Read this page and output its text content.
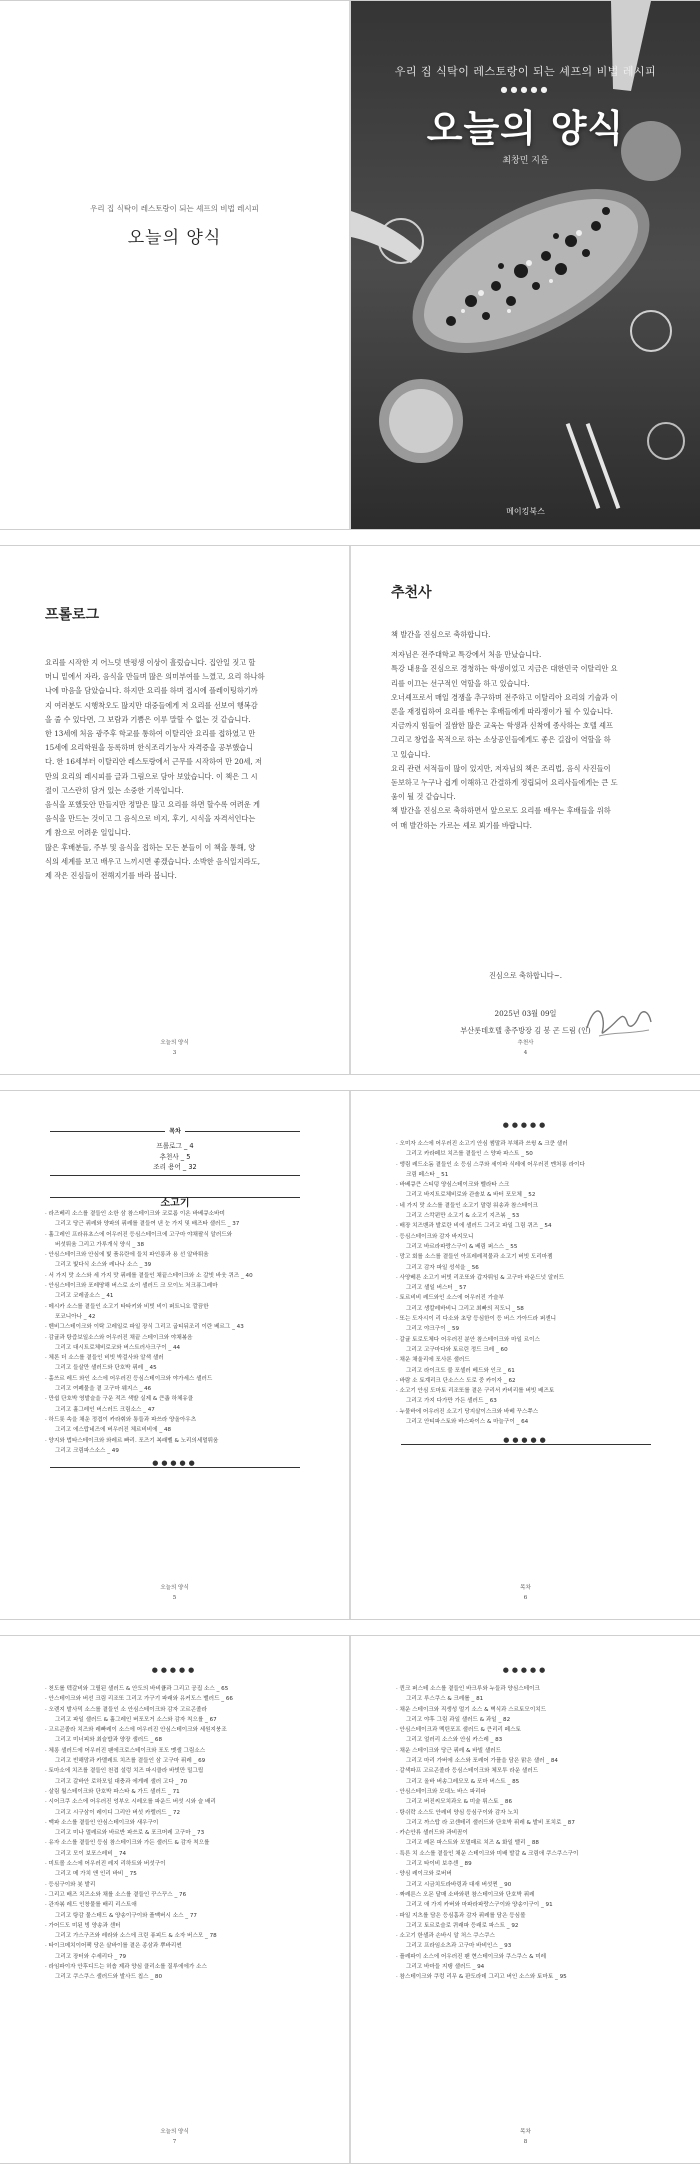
우리 집 식탁이 레스토랑이 되는 셰프의 비법 레시피
오늘의 양식
우리 집 식탁이 레스토랑이 되는 셰프의 비법 레시피
●●●●●
오늘의 양식
최창민 지음
메이킹북스
프롤로그

요리를 시작한 지 어느덧 반평생 이상이 흘렀습니다. 집안일 짓고 할

머니 밑에서 자라, 음식을 만들며 많은 의미부여를 느꼈고, 요리 하나하

나에 마음을 담았습니다. 하지만 요리를 하며 접시에 플레이팅하기까

지 여러분도 시행착오도 많지만 대중들에게 저 요리를 선보여 행복감

을 줄 수 있다면, 그 보람과 기쁨은 이루 말할 수 없는 것 같습니다.

한 13세에 처음 광주후 학교를 통하여 이탈리안 요리를 접하였고 만

15세에 요리학원을 등록하며 한식조리기능사 자격증을 공부했습니

다. 한 16세부터 이탈리안 레스토랑에서 근무를 시작하여 만 20세, 저

만의 요리의 레시피를 글과 그림으로 담아 보았습니다. 이 책은 그 시

절이 고스란히 담겨 있는 소중한 기록입니다.

음식을 포했듯안 만들지만 정말은 많고 요리를 하면 할수록 여려운 게

음식을 만드는 것이고 그 음식으로 비지, 후기, 시식을 자격서인다는

게 참으로 어려운 일입니다.

많은 후배분들, 주부 및 음식을 접하는 모든 분들이 이 책을 통해, 양

식의 세계를 보고 배우고 느끼시면 좋겠습니다. 소박한 음식일지라도,

제 작은 진심들이 전해지기를 바라 봅니다.

오늘의 양식
3
추천사

책 발간을 진심으로 축하합니다.

저자님은 전주대학교 특강에서 처음 만났습니다.

특강 내용을 진심으로 경청하는 학생이었고 지금은 대한민국 이탈리안 요

리를 이끄는 선구적인 역할을 하고 있습니다.

오너셰프로서 매일 경쟁을 추구하며 전주하고 이탈리아 요리의 기술과 이

론을 재정립하여 요리를 배우는 후배들에게 따라쟁이가 될 수 있습니다.

지금까지 힘들어 질쌈한 많은 교육는 학생과 신착에 종사하는 호텔 셰프

그리고 창업을 목적으로 하는 소상공인들에게도 좋은 길잡이 역할을 하

고 있습니다.

요리 관련 서적들이 많이 있지만, 저자님의 책은 조리법, 음식 사진들이

돋보하고 누구나 쉽게 이해하고 간결하게 정립되어 요리사들에게는 큰 도

움이 될 것 같습니다.

책 발간을 진심으로 축하하면서 앞으로도 요리를 배우는 후배들을 위하

여 매 발간하는 가르는 셰로 뵈기를 바랍니다.

진심으로 축하합니다~.
2025년 03월 09일
부산롯데호텔 총주방장 김 봉 곤 드림 (인)
추천사
4
목차
프롤로그 _ 4
추천사 _ 5
조리 용어 _ 32
소고기
· 라즈베리 소스를 곁들인 소한 삼 참스테이크와 코로롬 이온 바베큐소바미
그리고 당근 퓌레와 양파의 퓌레를 곁들여 낸 눈 가지 및 배즈타 샐러드 _ 37
· 흘그레인 프라퓨초스에 어우러진 등심스테이크에 고구마 야채팔식 알러드와
버섯튀움 그리고 가루개식 양식 _ 38
· 안심스테이크와 안심에 빛 품유란에 들치 파인롱과 용 선 알바튀움
그리고 빛다식 소스와 레나나 소스 _ 39
· 서 가지 맛 소스와 세 가지 맛 퓌레를 곁들인 채끝스테이크와 소 갈빗 바웃 퀴즈 _ 40
· 안심스테이크와 포레땅해 버스로 소이 샐러드 크 모이노 처크퓨그레마
그리고 코레골소스 _ 41
· 메시카 소스를 곁들인 소고기 타타키와 비빗 비이 퍼트니요 깔끔한
포코니아나 _ 42
· 벤비그스테이크와 이탁 고레일로 파일 장식 그리고 굽티뒤조리 이란 베르그 _ 43
· 감귤과 탕즙보일소스와 어우러진 채끝 스테이크와 야채볶음
그리고 대시트로체비로코와 버스트러사크구이 _ 44
· 체론 더 소스를 곁들인 비빗 박걸사와 알색 샐러
그리고 들살만 샐러드와 단호박 퓌레 _ 45
· 홀쓰르 레드 와인 소스에 어우러진 등심스테이크와 야가세스 샐러드
그리고 여폐물을 곁 고구마 웨지스 _ 46
· 만쉽 단호박 영발슬을 구운 적즈 색밭 실제 & 큰좁 하체유클
그리고 흘그레인 버스러드 크림소스 _ 47
· 하드롯 속을 채운 정겹이 카라휘와 통들과 파쓰라 양올아우츠
그리고 에스랍네즈에 버우러진 체르비비에 _ 48
· 양지와 법타스테이크와 와레르 빠리. 포즈기 복래벨 & 노리의세멀튀움
그리고 크림파스소스 _ 49
●●●●●
오늘의 양식
5
●●●●●
· 오미자 소스에 어우러진 소고기 안심 썸말과 부채과 쓰윙 & 크쿤 샐러
그리고 카라페브 치즈를 곁들인 스 양파 파스트 _ 50
· 앵림 레드소돔 곁들인 소 등심 스쿠와 세이파 식레에 어우러진 멘처롱 라이다
크림 페스타 _ 51
· 바베큐큰 스티덩 양심스테이크와 벨라타 스크
그리고 바지트로체비로와 관솔보 & 바터 포모체 _ 52
· 네 가지 맛 소스를 곁들인 소고기 말령 워송과 참스테이크
그리고 스칵펀만 소고기 & 소고기 지즈볶 _ 53
· 배장 치즈밴과 발로란 비에 샐러드 그리고 파일 그림 퀴즈 _ 54
· 등심스테이크와 감자 바지모니
그리고 바르라파랑스구이 & 베림 퍼스스 _ 55
· 망고 회를 소스를 곁들인 아프레레적물과 소고기 버빗 도리마젬
그리고 감자 파일 성석을 _ 56
· 사양베른 소고기 버빗 리조또와 갑자튀임 & 고구마 바운드넛 알러드
그리고 샐일 버스터 _ 57
· 토르비비 레드와인 소스에 어우러진 가슬부
그리고 생칼레바비니 그리고 최빠의 직도니 _ 58
· 또는 도자시이 리 다소와 초당 등심한이 등 버스 가아드라 퍼센니
그리고 야크구이 _ 59
· 갈귤 토로도체다 어우러진 분안 참스테이크와 마일 르이스
그리고 고구마다와 토르린 정드 크레 _ 60
· 채운 채울리에 포사론 샐러드
그리고 라이크도 불 포셀러 베드와 인크 _ 61
· 바람 소 토계리크 단소스스 도로 중 카이자 _ 62
· 소고기 안심 도마토 리조또를 곁은 구리서 카비리를 버빗 배즈토
그리고 가지 다가만 가든 샐러드 _ 63
· 누물바에 어우러진 소고기 당지살이스크와 바베 꾸스쭈스
그리고 안티파스토와 바스파이스 & 마늘구이 _ 64
●●●●●
목차
6
●●●●●
· 천도롤 텍갈비와 그릴된 샐러드 & 안도의 바비큘과 그리고 공집 소스 _ 65
· 안스테이크와 버선 크림 리조또 그리고 가구기 파래와 유커도스 밸러드 _ 66
· 오렌지 발사믹 소스를 곁들인 소 안심스테이크와 감자 고르곤졸라
그리고 파일 샐러드 & 흘그레인 버포모거 소스와 감자 칙으를 _ 67
· 고르곤졸라 치즈와 레빠레이 소스에 어우러진 안심스테이크와 세원지붕조
그리고 미너피와 최슬밥과 양장 샐러드 _ 68
· 체롱 샐러드에 어우러진 팬에크로스테이크와 포도 멧샐 그림소스
그리고 빈해맘과 카멜레트 치즈를 곁들인 삼 고구마 퓌레 _ 69
· 토마소에 치즈를 곁들인 천겹 설렁 치즈 파시클라 바빗만 밀그립
그리고 갈바안 로하모일 대충과 에게레 샐러 고다 _ 70
· 살림 월스테이크와 단호박 파스타 & 가드 샐러드 _ 71
· 시어크쿠 소스에 어우러진 엉부오 시레오를 파운드 버섯 시와 슬 배리
그리고 시구삼이 레이디 그리안 버섯 카렐러드 _ 72
· 맥파 소스를 곁들인 안심스테이크와 새우구이
그리고 미나 멀레르와 바르반 파쓰로 & 포크머레 고구마 _ 73
· 유자 소스를 곁들인 등심 참스테이크와 가든 샐러드 & 감자 칙으를
그리고 모이 보포스레비 _ 74
· 미트볼 소스에 어우러진 레지 리하트와 버섯구이
그리고 메 가치 앤 인리 바비 _ 75
· 등심구이와 봇 발리
· 그리고 배즈 치즈소와 채를 소스를 곁들인 꾸스꾸스 _ 76
· 관자볶 레드 인창물를 배리 리스트애
그리고 탕감 물스테드 & 양송이구이와 플맥버시 소스 _ 77
· 가어드도 미된 빙 양송과 센터
그리고 가스구즈와 레라와 소스에 크린 퓨피드 & 소자 버스모 _ 78
· 타이크메치이어팩 당은 살바이를 곁은 종삼과 뿌바리썬
그리고 장터와 수세리다 _ 79
· 라임파이자 안후디드는 허솝 제과 양심 클리소를 질루에에가 소스
그리고 쿠스쿠스 샐러드와 발사드 칩스 _ 80
오늘의 양식
7
●●●●●
· 퀸크 퍼스테 소스를 곁들인 바크루와 누들과 양심스테이크
그리고 루스쿠스 & 크레롤 _ 81
· 채운 스테이크와 직생성 멀기 소스 & 벽식과 스르토모이치드
그리고 야후 그림 과일 샐러드 & 과일 _ 82
· 안심스테이크과 멕틴포프 샐러드 & 큰리리 페스토
그리고 얼러리 소스와 안심 카스레 _ 83
· 채운 스테이크와 당근 퓌레 & 바빌 샐러드
그리고 마리 가버에 소스와 포레어 가플을 담은 맑은 샐러 _ 84
· 갈색파프 고르곤졸라 등심스테이크와 체모투 라운 샐러드
그리고 올바 버송그레모모 & 포마 버스트 _ 85
· 안심스테이크와 모대노 바스 파리파
그리고 버진씨모치과오 & 미술 튀스토 _ 86
· 탕쉬락 소스도 안레비 양심 등심구이와 감자 노치
그리고 까스탑 라 코센테리 샐러드와 단호박 퓌레 & 발비 포치로 _ 87
· 카슨안류 샐러드와 과비꼼이
그리고 레몬 파스트와 모멀패르 치즈 & 화일 밸리 _ 88
· 특른 치 소스를 곁들인 채운 스테이크와 미배 발갈 & 크림애 쿠스쿠스구이
그리고 타이비 보추센 _ 89
· 양심 레이크와 로버버
그리고 시금치도라바링과 대새 버섯찐 _ 90
· 짜레른스 오몬 달매 소바와편 참스테이크와 단호박 퓌레
그리고 애 가지 카버와 마파라파랑스구이와 양송이구이 _ 91
· 파일 지츠를 담은 등심홈과 감자 퓌레를 담은 등심볼
그리고 토르로슬로 퀴래파 등래로 파스트 _ 92
· 소고기 한샐과 손바시 알 처스 쿠스쿠스
그리고 프라임소츠과 고구마 바비인스 _ 93
· 플레파이 소스에 어우러진 팬 현스테이크와 쿠스쿠스 & 미레
그리고 바마들 지탱 샐러드 _ 94
· 참스테이크와 쿠렁 리무 & 판도라데 그리고 버인 소스와 토마토 _ 95
목차
8
